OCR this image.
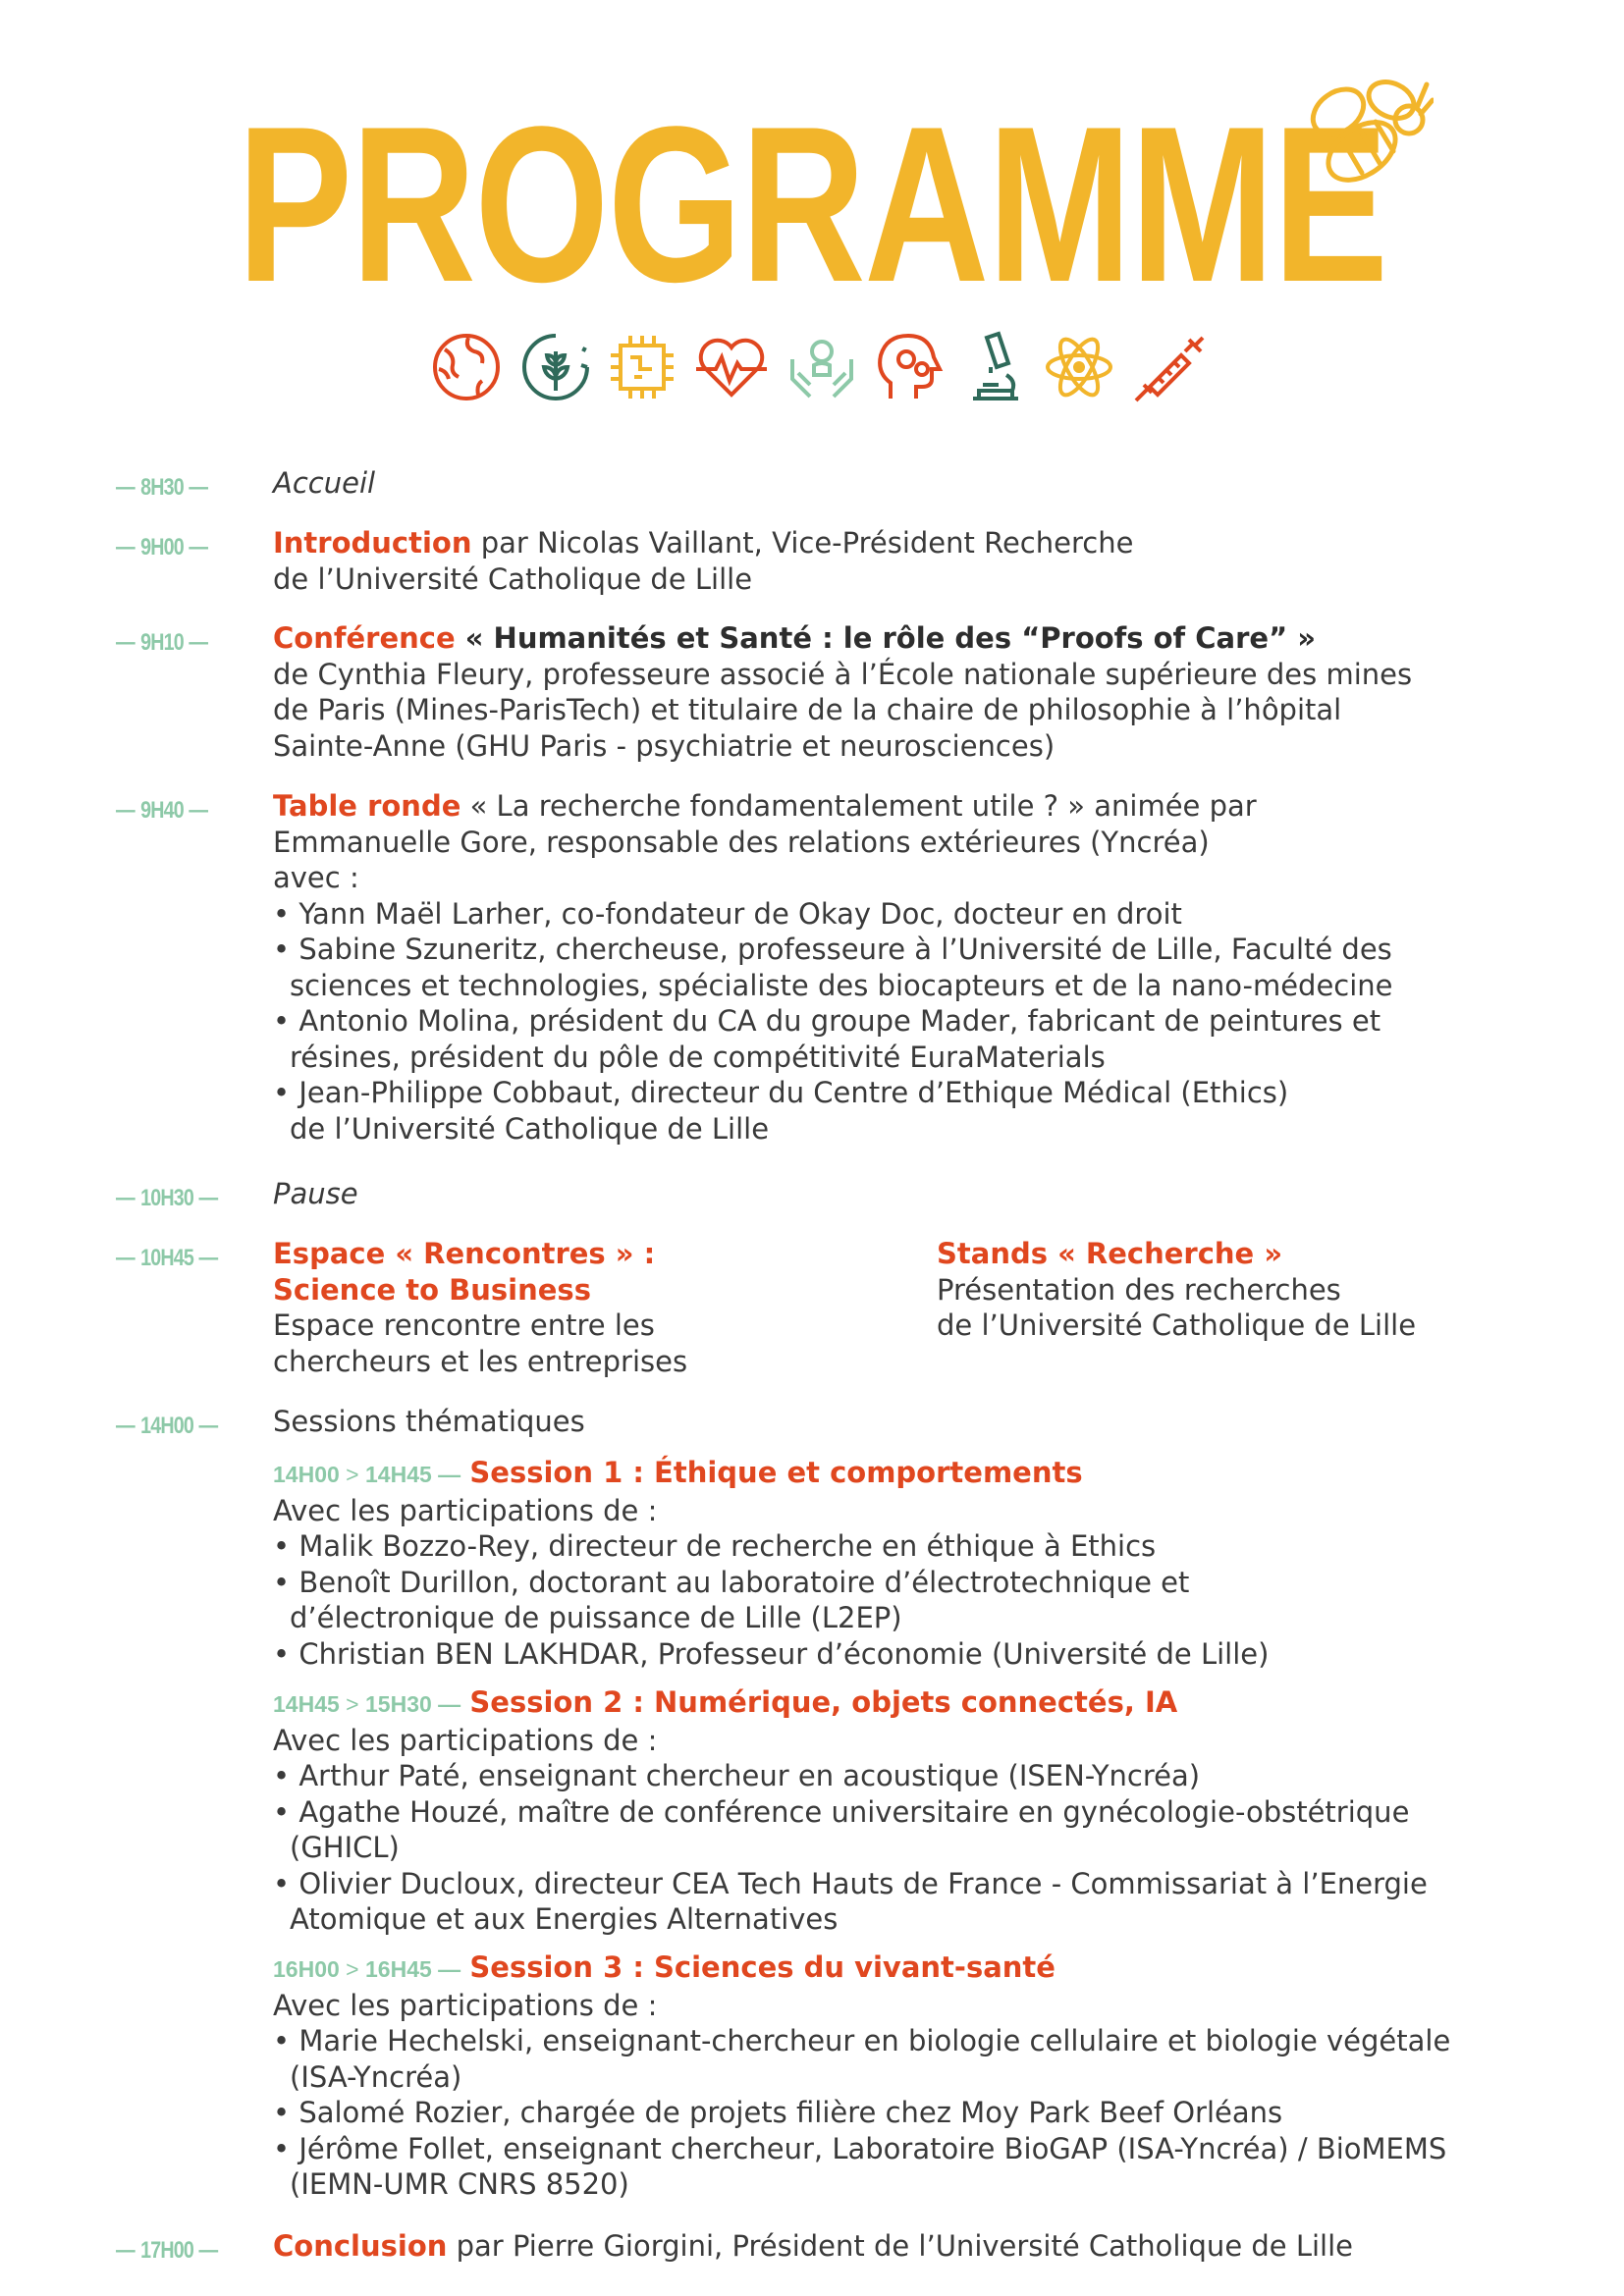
PROGRAMME
— 8H30 — Accueil

— 9H00 — Introduction par Nicolas Vaillant, Vice-Président Recherche

de l’Université Catholique de Lille

— 9H10 — Conférence « Humanités et Santé : le rôle des “Proofs of Care” »

de Cynthia Fleury, professeure associé à l’École nationale supérieure des mines

de Paris (Mines-ParisTech) et titulaire de la chaire de philosophie à l’hôpital

Sainte-Anne (GHU Paris - psychiatrie et neurosciences)

— 9H40 — Table ronde « La recherche fondamentalement utile ? » animée par

Emmanuelle Gore, responsable des relations extérieures (Yncréa)

avec :

• Yann Maël Larher, co-fondateur de Okay Doc, docteur en droit

• Sabine Szuneritz, chercheuse, professeure à l’Université de Lille, Faculté des

sciences et technologies, spécialiste des biocapteurs et de la nano-médecine

• Antonio Molina, président du CA du groupe Mader, fabricant de peintures et

résines, président du pôle de compétitivité EuraMaterials

• Jean-Philippe Cobbaut, directeur du Centre d’Ethique Médical (Ethics)

de l’Université Catholique de Lille

— 10H30 — Pause

— 10H45 — Espace « Rencontres » :

Science to Business

Espace rencontre entre les

chercheurs et les entreprises

Stands « Recherche »

Présentation des recherches

de l’Université Catholique de Lille

— 14H00 — Sessions thématiques

14H00 > 14H45 — Session 1 : Éthique et comportements

Avec les participations de :

• Malik Bozzo-Rey, directeur de recherche en éthique à Ethics

• Benoît Durillon, doctorant au laboratoire d’électrotechnique et

d’électronique de puissance de Lille (L2EP)

• Christian BEN LAKHDAR, Professeur d’économie (Université de Lille)

14H45 > 15H30 — Session 2 : Numérique, objets connectés, IA

Avec les participations de :

• Arthur Paté, enseignant chercheur en acoustique (ISEN-Yncréa)

• Agathe Houzé, maître de conférence universitaire en gynécologie-obstétrique

(GHICL)

• Olivier Ducloux, directeur CEA Tech Hauts de France - Commissariat à l’Energie

Atomique et aux Energies Alternatives

16H00 > 16H45 — Session 3 : Sciences du vivant-santé

Avec les participations de :

• Marie Hechelski, enseignant-chercheur en biologie cellulaire et biologie végétale

(ISA-Yncréa)

• Salomé Rozier, chargée de projets filière chez Moy Park Beef Orléans

• Jérôme Follet, enseignant chercheur, Laboratoire BioGAP (ISA-Yncréa) / BioMEMS

(IEMN-UMR CNRS 8520)

— 17H00 — Conclusion par Pierre Giorgini, Président de l’Université Catholique de Lille
